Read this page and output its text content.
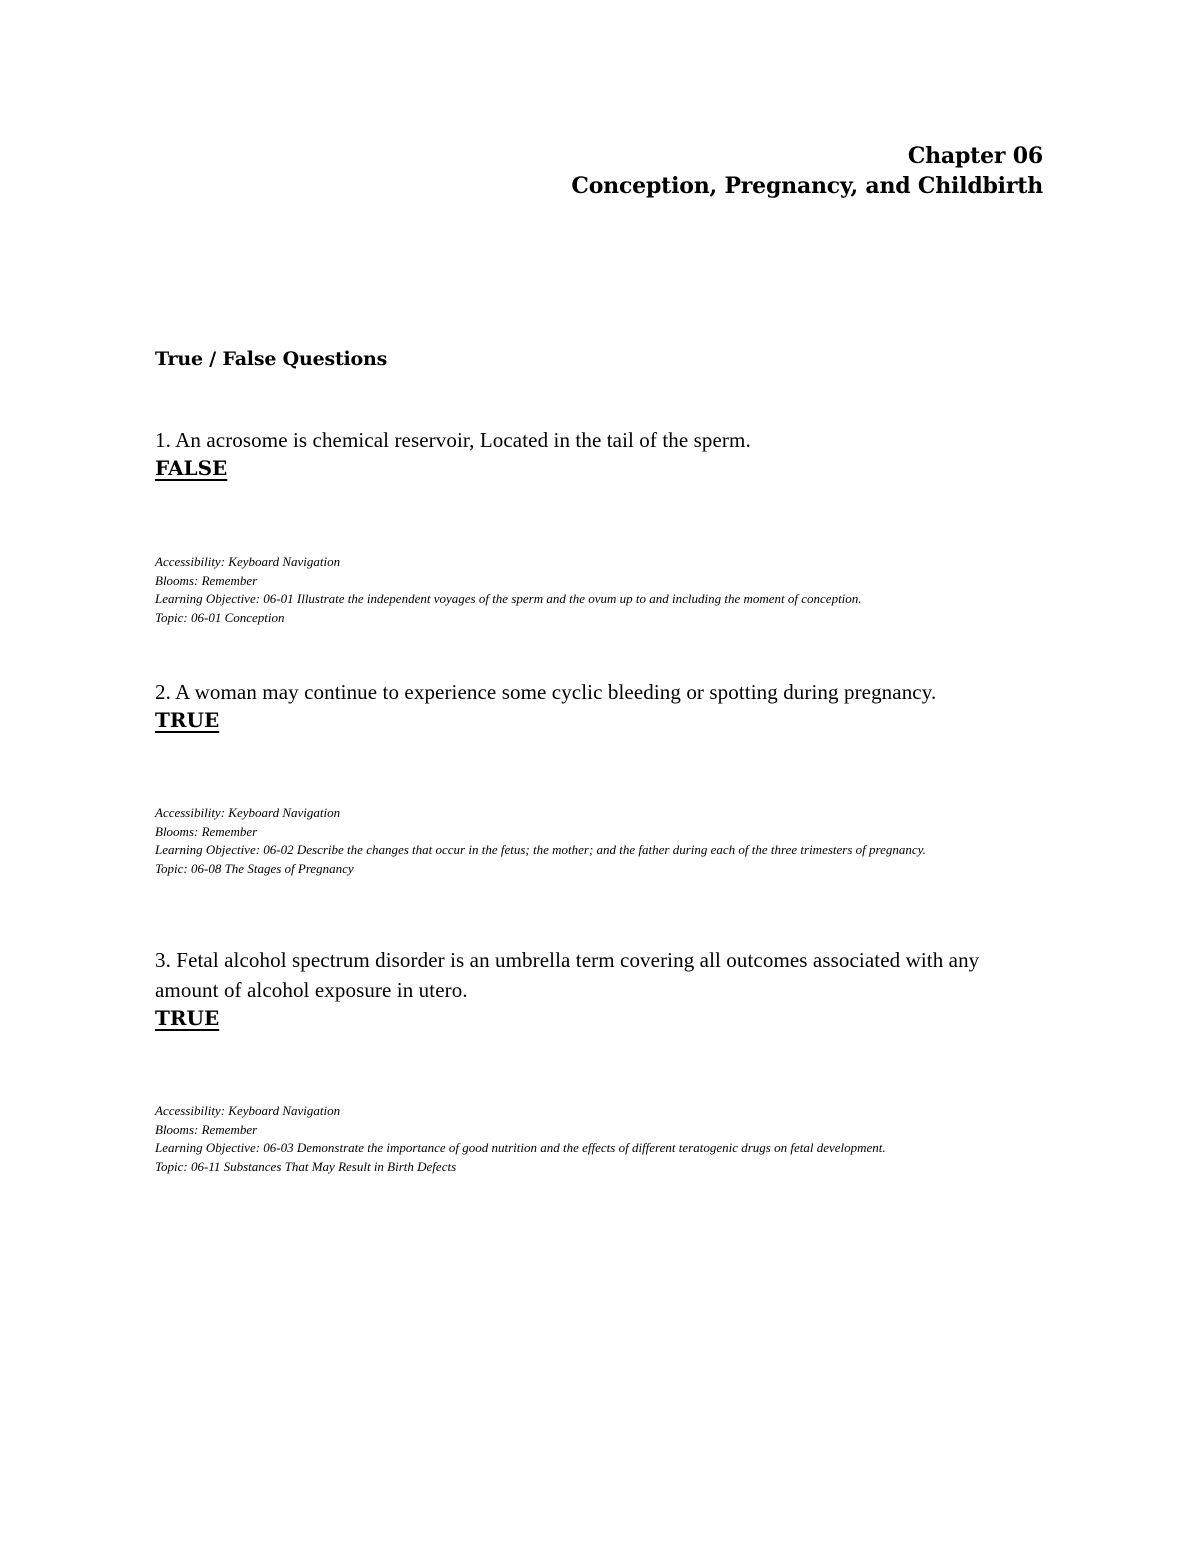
Chapter 06
Conception, Pregnancy, and Childbirth
True / False Questions
1. An acrosome is chemical reservoir, Located in the tail of the sperm.
FALSE
Accessibility: Keyboard Navigation
Blooms: Remember
Learning Objective: 06-01 Illustrate the independent voyages of the sperm and the ovum up to and including the moment of conception.
Topic: 06-01 Conception
2. A woman may continue to experience some cyclic bleeding or spotting during pregnancy.
TRUE
Accessibility: Keyboard Navigation
Blooms: Remember
Learning Objective: 06-02 Describe the changes that occur in the fetus; the mother; and the father during each of the three trimesters of pregnancy.
Topic: 06-08 The Stages of Pregnancy
3. Fetal alcohol spectrum disorder is an umbrella term covering all outcomes associated with any amount of alcohol exposure in utero.
TRUE
Accessibility: Keyboard Navigation
Blooms: Remember
Learning Objective: 06-03 Demonstrate the importance of good nutrition and the effects of different teratogenic drugs on fetal development.
Topic: 06-11 Substances That May Result in Birth Defects
